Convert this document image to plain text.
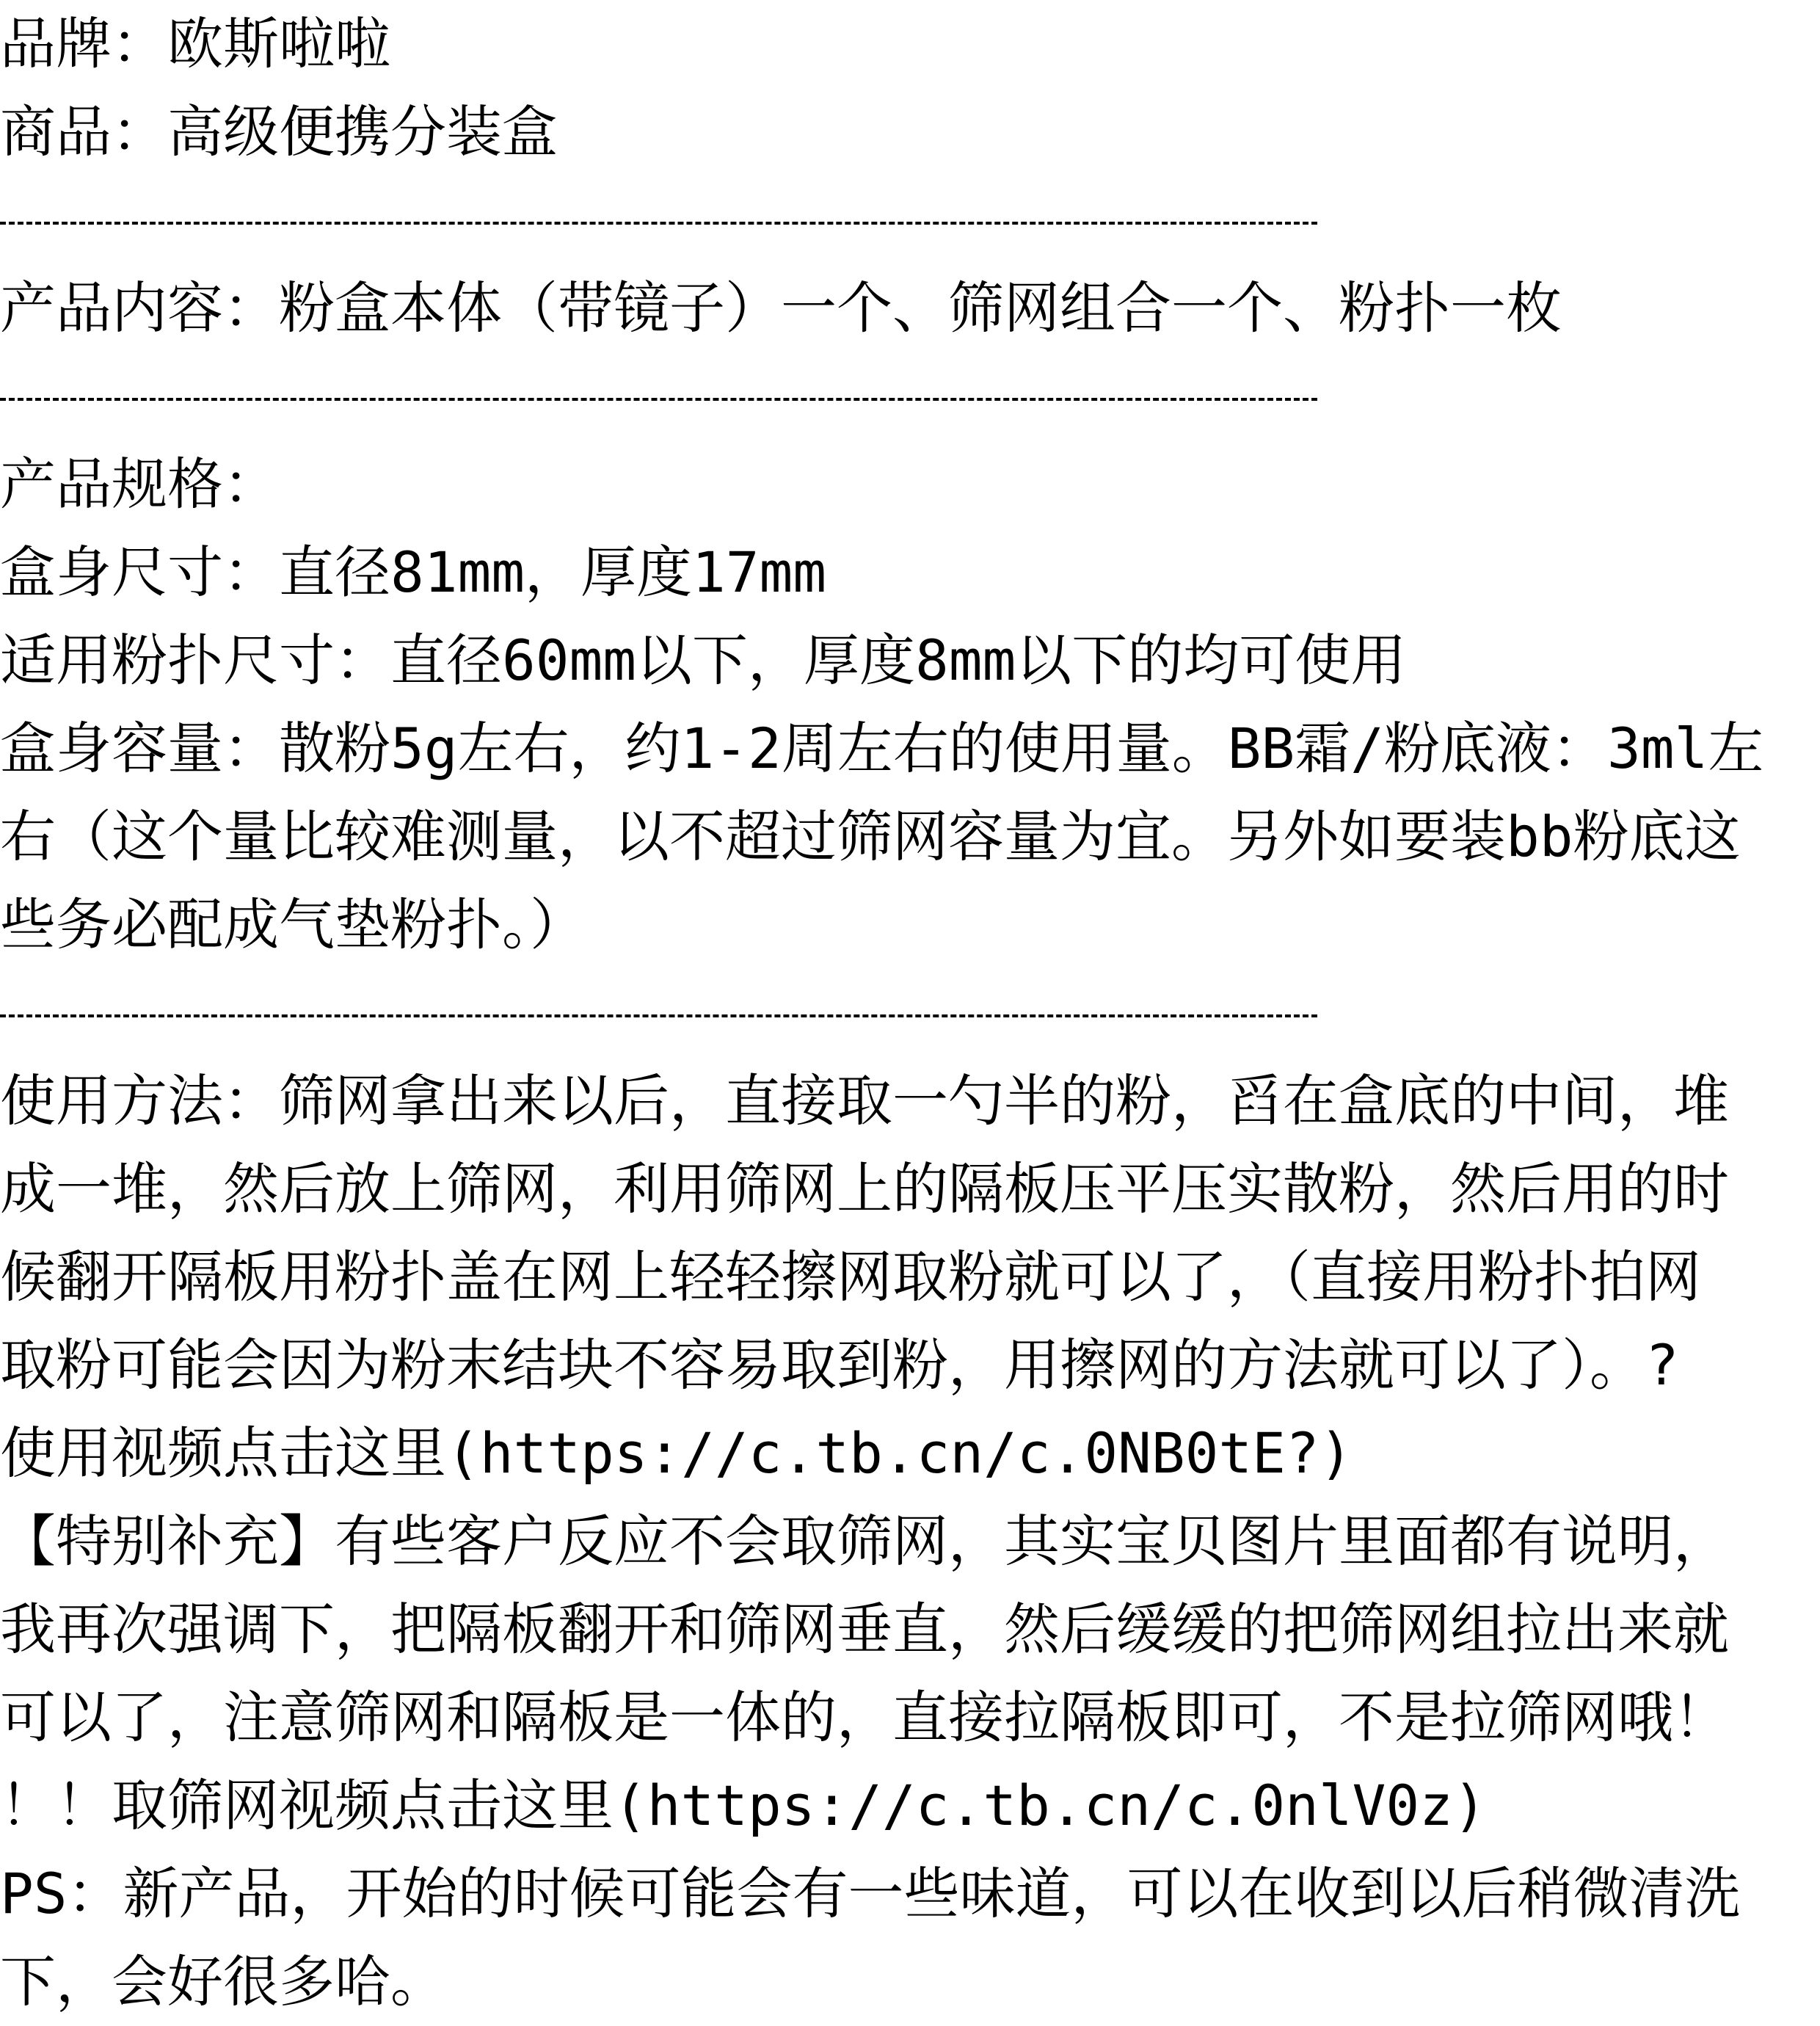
品牌：欧斯啦啦
商品：高级便携分装盒
产品内容：粉盒本体（带镜子）一个、筛网组合一个、粉扑一枚
产品规格：
盒身尺寸：直径81mm，厚度17mm
适用粉扑尺寸：直径60mm以下，厚度8mm以下的均可使用
盒身容量：散粉5g左右，约1-2周左右的使用量。BB霜/粉底液：3ml左
右（这个量比较难测量，以不超过筛网容量为宜。另外如要装bb粉底这
些务必配成气垫粉扑。）
使用方法：筛网拿出来以后，直接取一勺半的粉，舀在盒底的中间，堆
成一堆，然后放上筛网，利用筛网上的隔板压平压实散粉，然后用的时
候翻开隔板用粉扑盖在网上轻轻擦网取粉就可以了，（直接用粉扑拍网
取粉可能会因为粉末结块不容易取到粉，用擦网的方法就可以了）。?
使用视频点击这里(https://c.tb.cn/c.0NB0tE?)
【特别补充】有些客户反应不会取筛网，其实宝贝图片里面都有说明，
我再次强调下，把隔板翻开和筛网垂直，然后缓缓的把筛网组拉出来就
可以了，注意筛网和隔板是一体的，直接拉隔板即可，不是拉筛网哦！
！！取筛网视频点击这里(https://c.tb.cn/c.0nlV0z)
PS：新产品，开始的时候可能会有一些味道，可以在收到以后稍微清洗
下，会好很多哈。
